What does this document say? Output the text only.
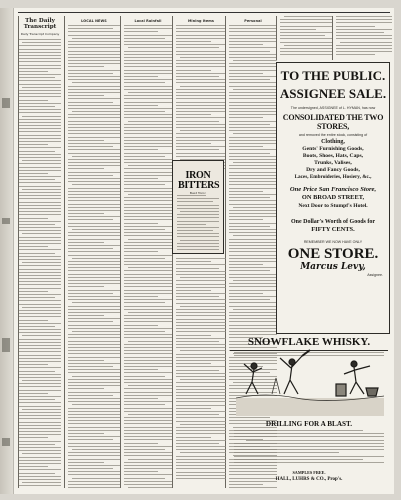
The Daily Transcript
Daily Transcript Company
LOCAL NEWS	Local Rainfall	Mining Items	Personal
IRON BITTERS
Best Tonic
TO THE PUBLIC.
ASSIGNEE SALE.
The undersigned, ASSIGNEE of L. HYMAN, has now
CONSOLIDATED THE TWO STORES,
and removed the entire stock, consisting of
Clothing,
Gents' Furnishing Goods,
Boots, Shoes, Hats, Caps,
Trunks, Valises,
Dry and Fancy Goods,
Laces, Embroideries, Hosiery, &c.,
One Price San Francisco Store,
ON BROAD STREET,
Next Door to Stumpf's Hotel.

One Dollar's Worth of Goods for
FIFTY CENTS.
REMEMBER WE NOW HAVE ONLY
ONE STORE.
Marcus Levy,
Assignee.
SNOWFLAKE WHISKY.
DRILLING FOR A BLAST.
SAMPLES FREE.
HALL, LUHRS & CO., Prop's.
